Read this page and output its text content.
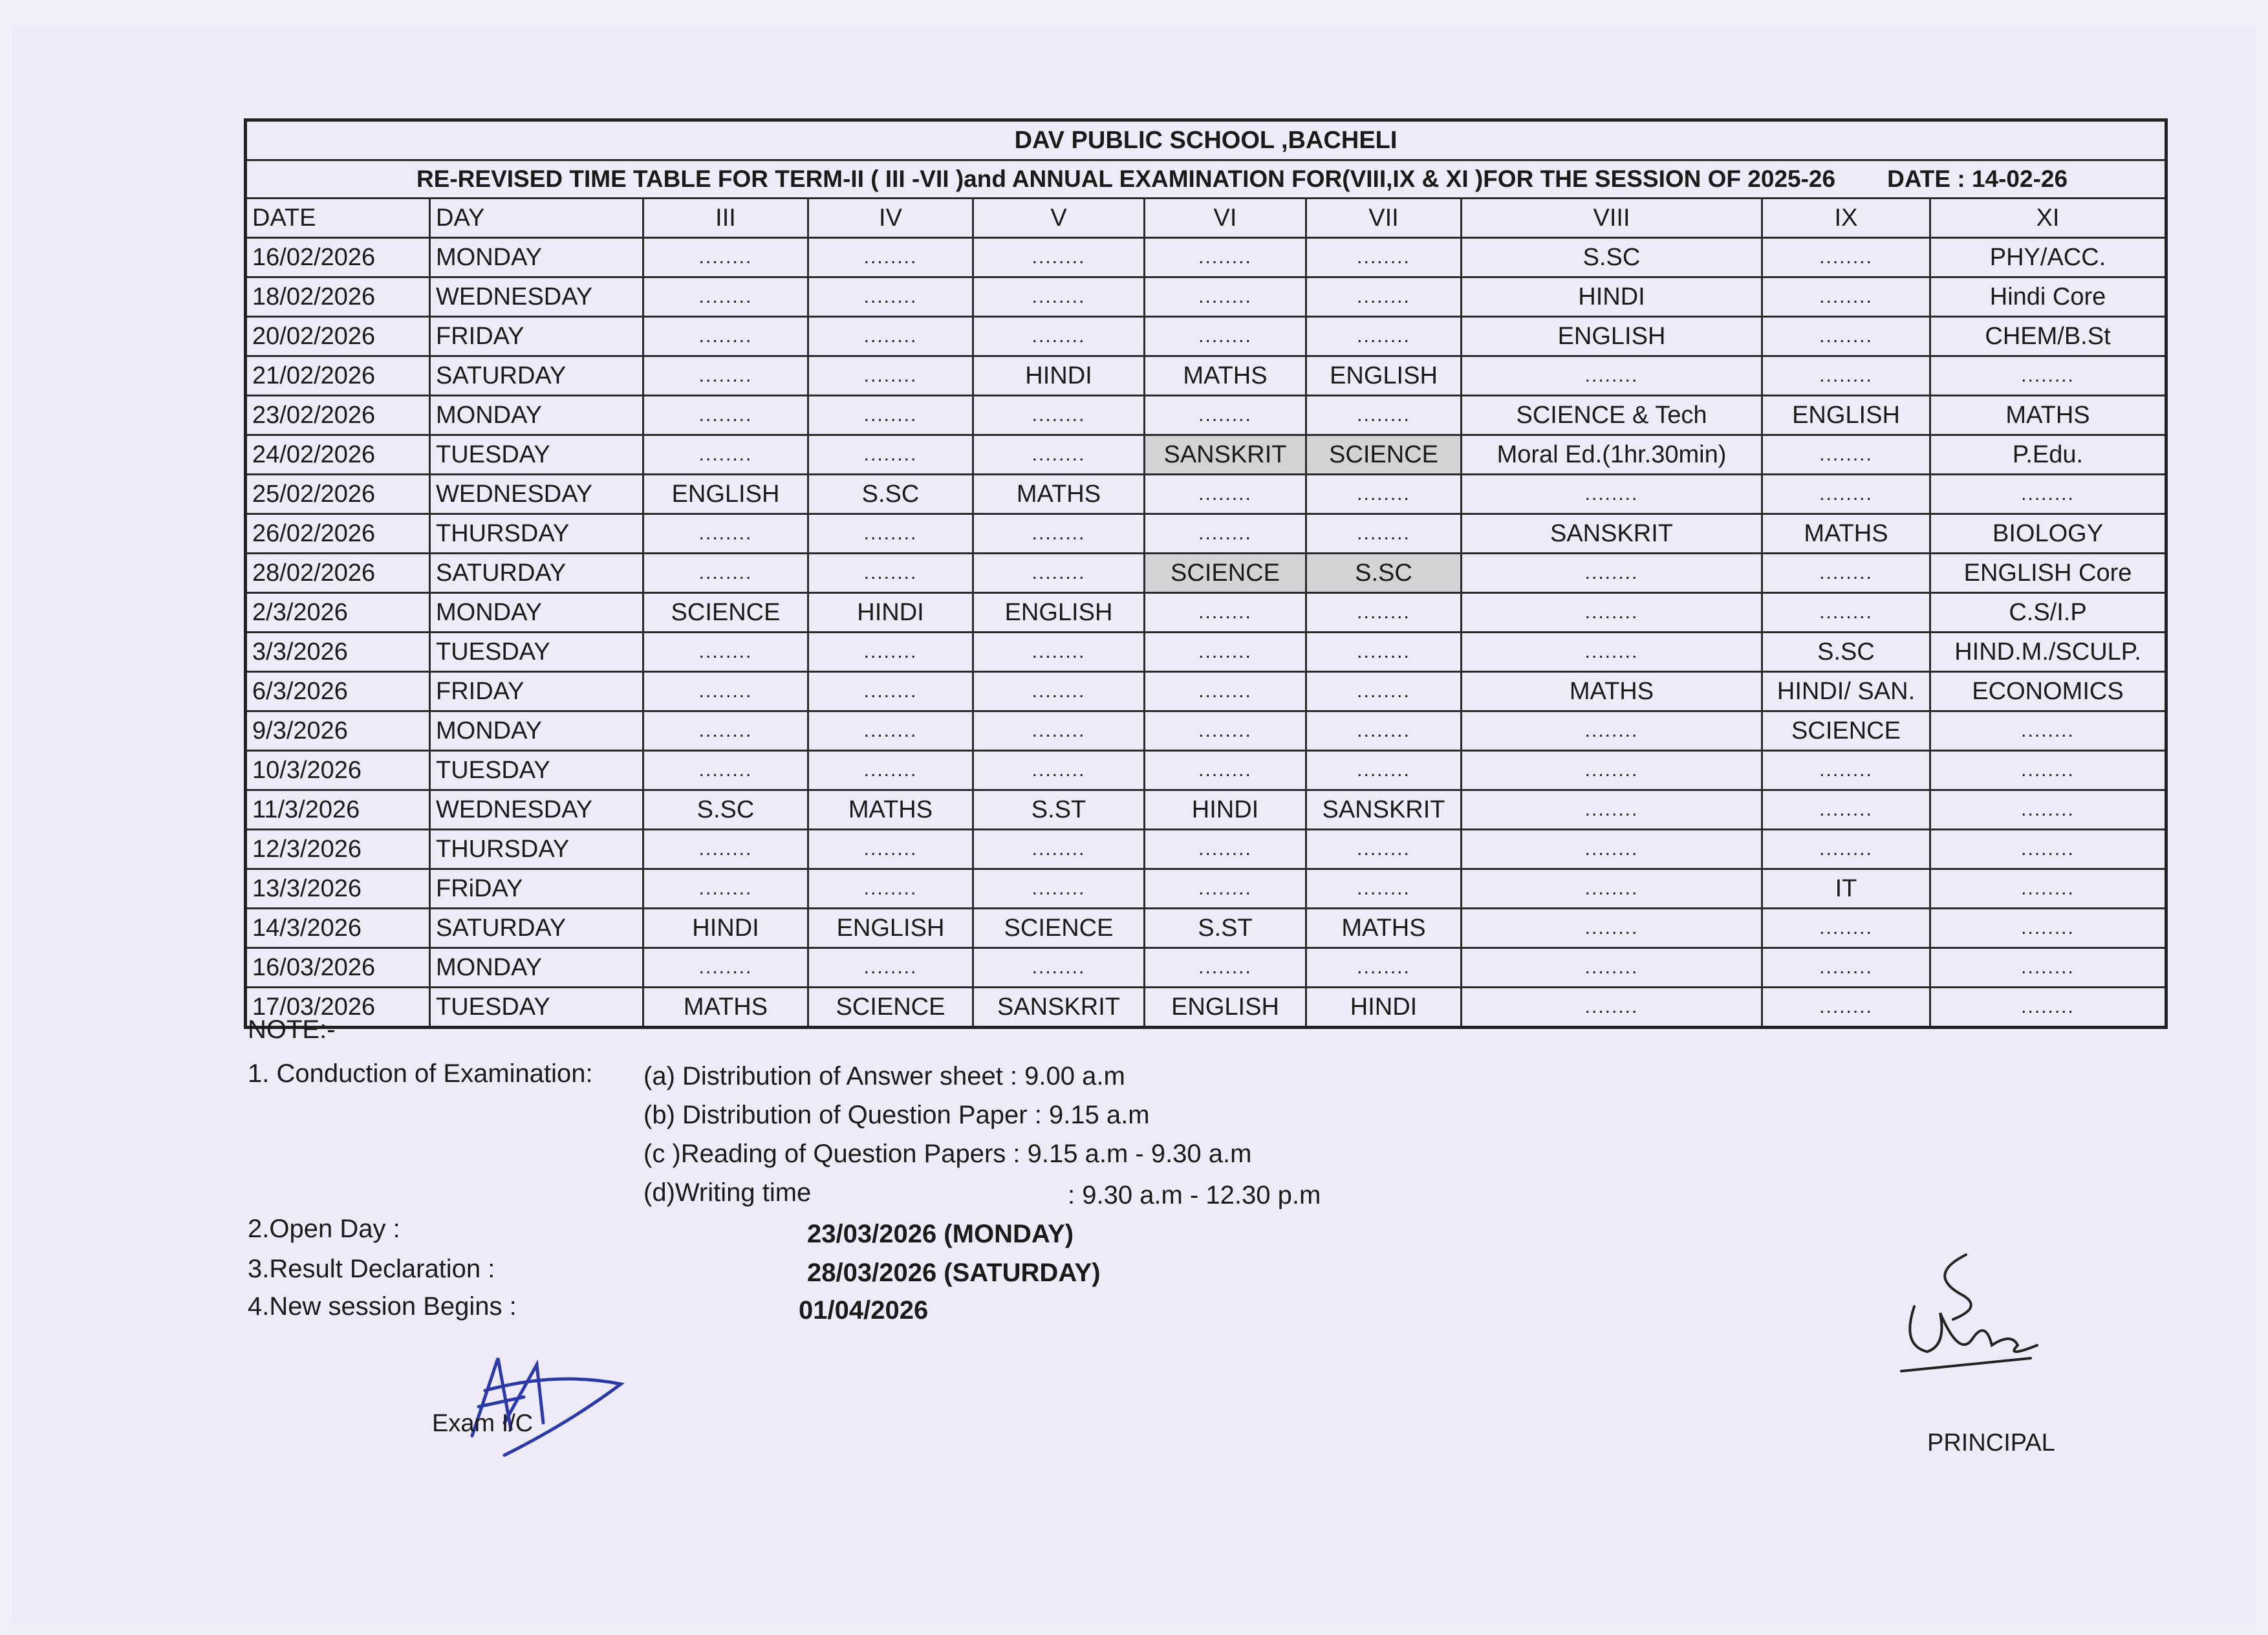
DAV PUBLIC SCHOOL ,BACHELI									
RE-REVISED TIME TABLE FOR TERM-II ( III -VII )and ANNUAL EXAMINATION FOR(VIII,IX & XI )FOR THE SESSION OF 2025-26 DATE : 14-02-26									
DATE	DAY	III	IV	V	VI	VII	VIII	IX	XI
16/02/2026	MONDAY	........	........	........	........	........	S.SC	........	PHY/ACC.
18/02/2026	WEDNESDAY	........	........	........	........	........	HINDI	........	Hindi Core
20/02/2026	FRIDAY	........	........	........	........	........	ENGLISH	........	CHEM/B.St
21/02/2026	SATURDAY	........	........	HINDI	MATHS	ENGLISH	........	........	........
23/02/2026	MONDAY	........	........	........	........	........	SCIENCE & Tech	ENGLISH	MATHS
24/02/2026	TUESDAY	........	........	........	SANSKRIT	SCIENCE	Moral Ed.(1hr.30min)	........	P.Edu.
25/02/2026	WEDNESDAY	ENGLISH	S.SC	MATHS	........	........	........	........	........
26/02/2026	THURSDAY	........	........	........	........	........	SANSKRIT	MATHS	BIOLOGY
28/02/2026	SATURDAY	........	........	........	SCIENCE	S.SC	........	........	ENGLISH Core
2/3/2026	MONDAY	SCIENCE	HINDI	ENGLISH	........	........	........	........	C.S/I.P
3/3/2026	TUESDAY	........	........	........	........	........	........	S.SC	HIND.M./SCULP.
6/3/2026	FRIDAY	........	........	........	........	........	MATHS	HINDI/ SAN.	ECONOMICS
9/3/2026	MONDAY	........	........	........	........	........	........	SCIENCE	........
10/3/2026	TUESDAY	........	........	........	........	........	........	........	........
11/3/2026	WEDNESDAY	S.SC	MATHS	S.ST	HINDI	SANSKRIT	........	........	........
12/3/2026	THURSDAY	........	........	........	........	........	........	........	........
13/3/2026	FRiDAY	........	........	........	........	........	........	IT	........
14/3/2026	SATURDAY	HINDI	ENGLISH	SCIENCE	S.ST	MATHS	........	........	........
16/03/2026	MONDAY	........	........	........	........	........	........	........	........
17/03/2026	TUESDAY	MATHS	SCIENCE	SANSKRIT	ENGLISH	HINDI	........	........	........
NOTE:-
1. Conduction of Examination: (a) Distribution of Answer sheet : 9.00 a.m
(b) Distribution of Question Paper : 9.15 a.m
(c )Reading of Question Papers : 9.15 a.m - 9.30 a.m
(d)Writing time	: 9.30 a.m - 12.30 p.m
2.Open Day :	23/03/2026 (MONDAY)
3.Result Declaration :	28/03/2026 (SATURDAY)
4.New session Begins :	01/04/2026
Exam I/C
PRINCIPAL
